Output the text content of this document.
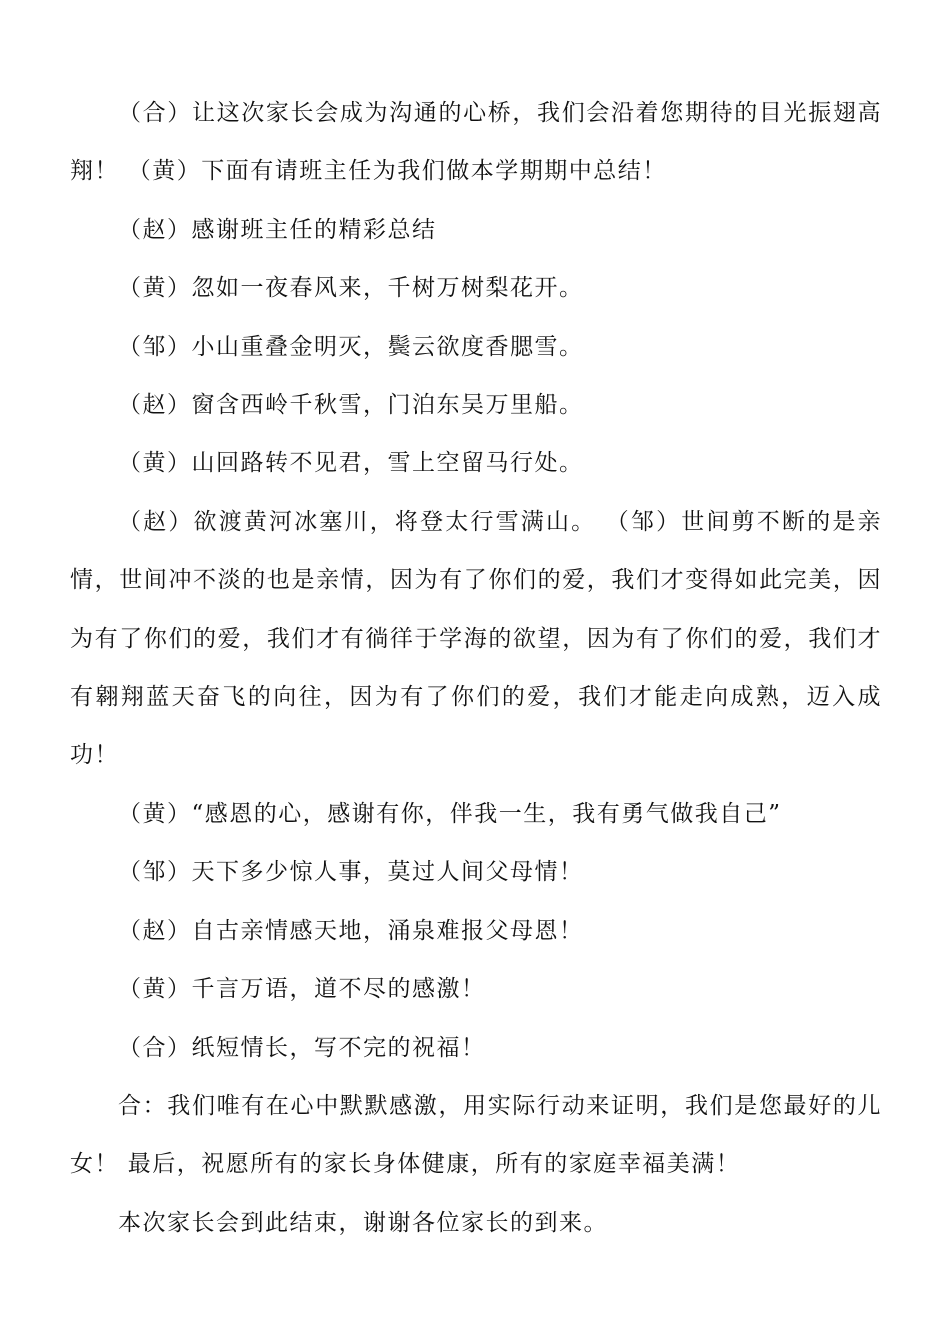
（合）让这次家长会成为沟通的心桥，我们会沿着您期待的目光振翅高翔！ （黄）下面有请班主任为我们做本学期期中总结！

（赵）感谢班主任的精彩总结

（黄）忽如一夜春风来，千树万树梨花开。

（邹）小山重叠金明灭，鬓云欲度香腮雪。

（赵）窗含西岭千秋雪，门泊东吴万里船。

（黄）山回路转不见君，雪上空留马行处。

（赵）欲渡黄河冰塞川，将登太行雪满山。 （邹）世间剪不断的是亲情，世间冲不淡的也是亲情，因为有了你们的爱，我们才变得如此完美，因为有了你们的爱，我们才有徜徉于学海的欲望，因为有了你们的爱，我们才有翱翔蓝天奋飞的向往，因为有了你们的爱，我们才能走向成熟，迈入成功！

（黄）“感恩的心，感谢有你，伴我一生，我有勇气做我自己”

（邹）天下多少惊人事，莫过人间父母情！

（赵）自古亲情感天地，涌泉难报父母恩！

（黄）千言万语，道不尽的感激！

（合）纸短情长，写不完的祝福！

合：我们唯有在心中默默感激，用实际行动来证明，我们是您最好的儿女！ 最后，祝愿所有的家长身体健康，所有的家庭幸福美满！

本次家长会到此结束，谢谢各位家长的到来。
